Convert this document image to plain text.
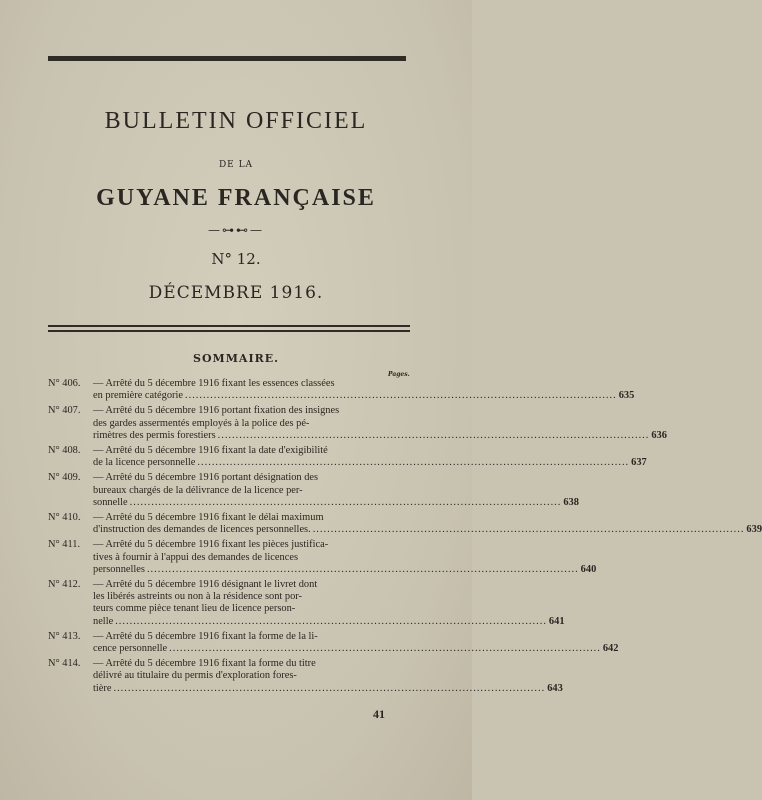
BULLETIN OFFICIEL
DE LA
GUYANE FRANÇAISE
—⊶⊷—
N° 12.
DÉCEMBRE 1916.
SOMMAIRE.
Pages.
N° 406.	— Arrêté du 5 décembre 1916 fixant les essences classées
en première catégorie ........................................................................................................................ 635
N° 407.	— Arrêté du 5 décembre 1916 portant fixation des insignes
des gardes assermentés employés à la police des pé-
rimètres des permis forestiers ........................................................................................................................ 636
N° 408.	— Arrêté du 5 décembre 1916 fixant la date d'exigibilité
de la licence personnelle ........................................................................................................................ 637
N° 409.	— Arrêté du 5 décembre 1916 portant désignation des
bureaux chargés de la délivrance de la licence per-
sonnelle ........................................................................................................................ 638
N° 410.	— Arrêté du 5 décembre 1916 fixant le délai maximum
d'instruction des demandes de licences personnelles. ........................................................................................................................ 639
N° 411.	— Arrêté du 5 décembre 1916 fixant les pièces justifica-
tives à fournir à l'appui des demandes de licences
personnelles ........................................................................................................................ 640
N° 412.	— Arrêté du 5 décembre 1916 désignant le livret dont
les libérés astreints ou non à la résidence sont por-
teurs comme pièce tenant lieu de licence person-
nelle ........................................................................................................................ 641
N° 413.	— Arrêté du 5 décembre 1916 fixant la forme de la li-
cence personnelle ........................................................................................................................ 642
N° 414.	— Arrêté du 5 décembre 1916 fixant la forme du titre
délivré au titulaire du permis d'exploration fores-
tière ........................................................................................................................ 643
41
